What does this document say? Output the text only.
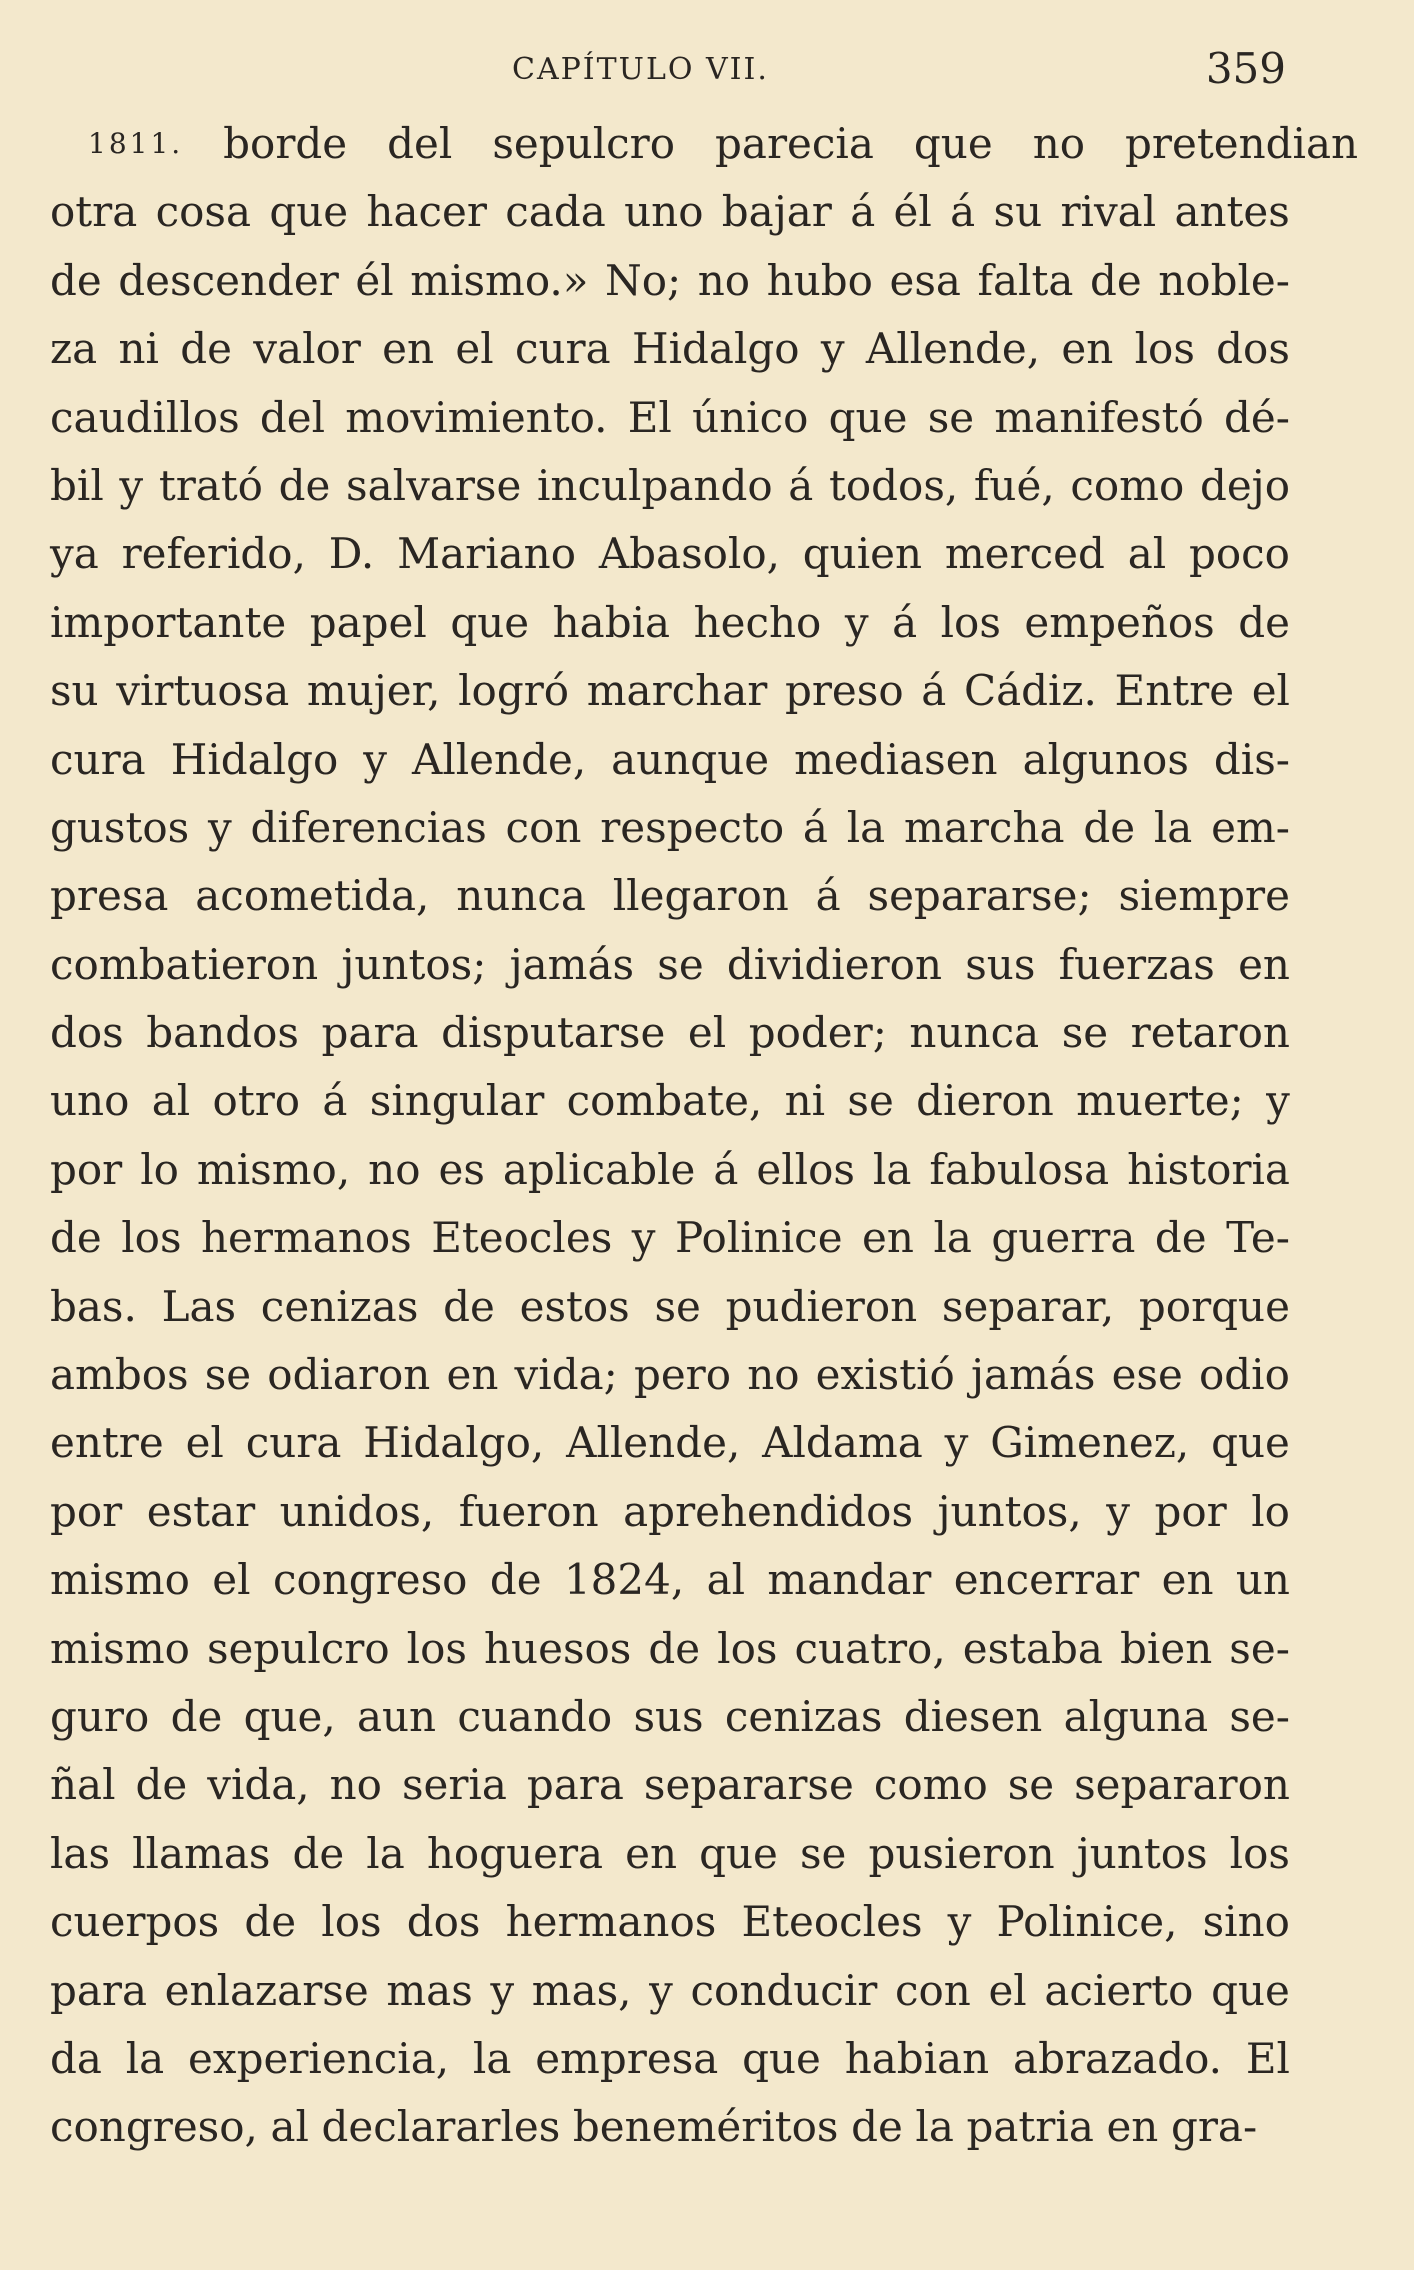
CAPÍTULO VII.	359
1811. borde del sepulcro parecia que no pretendian
otra cosa que hacer cada uno bajar á él á su rival antes
de descender él mismo.» No; no hubo esa falta de noble-
za ni de valor en el cura Hidalgo y Allende, en los dos
caudillos del movimiento. El único que se manifestó dé-
bil y trató de salvarse inculpando á todos, fué, como dejo
ya referido, D. Mariano Abasolo, quien merced al poco
importante papel que habia hecho y á los empeños de
su virtuosa mujer, logró marchar preso á Cádiz. Entre el
cura Hidalgo y Allende, aunque mediasen algunos dis-
gustos y diferencias con respecto á la marcha de la em-
presa acometida, nunca llegaron á separarse; siempre
combatieron juntos; jamás se dividieron sus fuerzas en
dos bandos para disputarse el poder; nunca se retaron
uno al otro á singular combate, ni se dieron muerte; y
por lo mismo, no es aplicable á ellos la fabulosa historia
de los hermanos Eteocles y Polinice en la guerra de Te-
bas. Las cenizas de estos se pudieron separar, porque
ambos se odiaron en vida; pero no existió jamás ese odio
entre el cura Hidalgo, Allende, Aldama y Gimenez, que
por estar unidos, fueron aprehendidos juntos, y por lo
mismo el congreso de 1824, al mandar encerrar en un
mismo sepulcro los huesos de los cuatro, estaba bien se-
guro de que, aun cuando sus cenizas diesen alguna se-
ñal de vida, no seria para separarse como se separaron
las llamas de la hoguera en que se pusieron juntos los
cuerpos de los dos hermanos Eteocles y Polinice, sino
para enlazarse mas y mas, y conducir con el acierto que
da la experiencia, la empresa que habian abrazado. El
congreso, al declararles beneméritos de la patria en gra-
